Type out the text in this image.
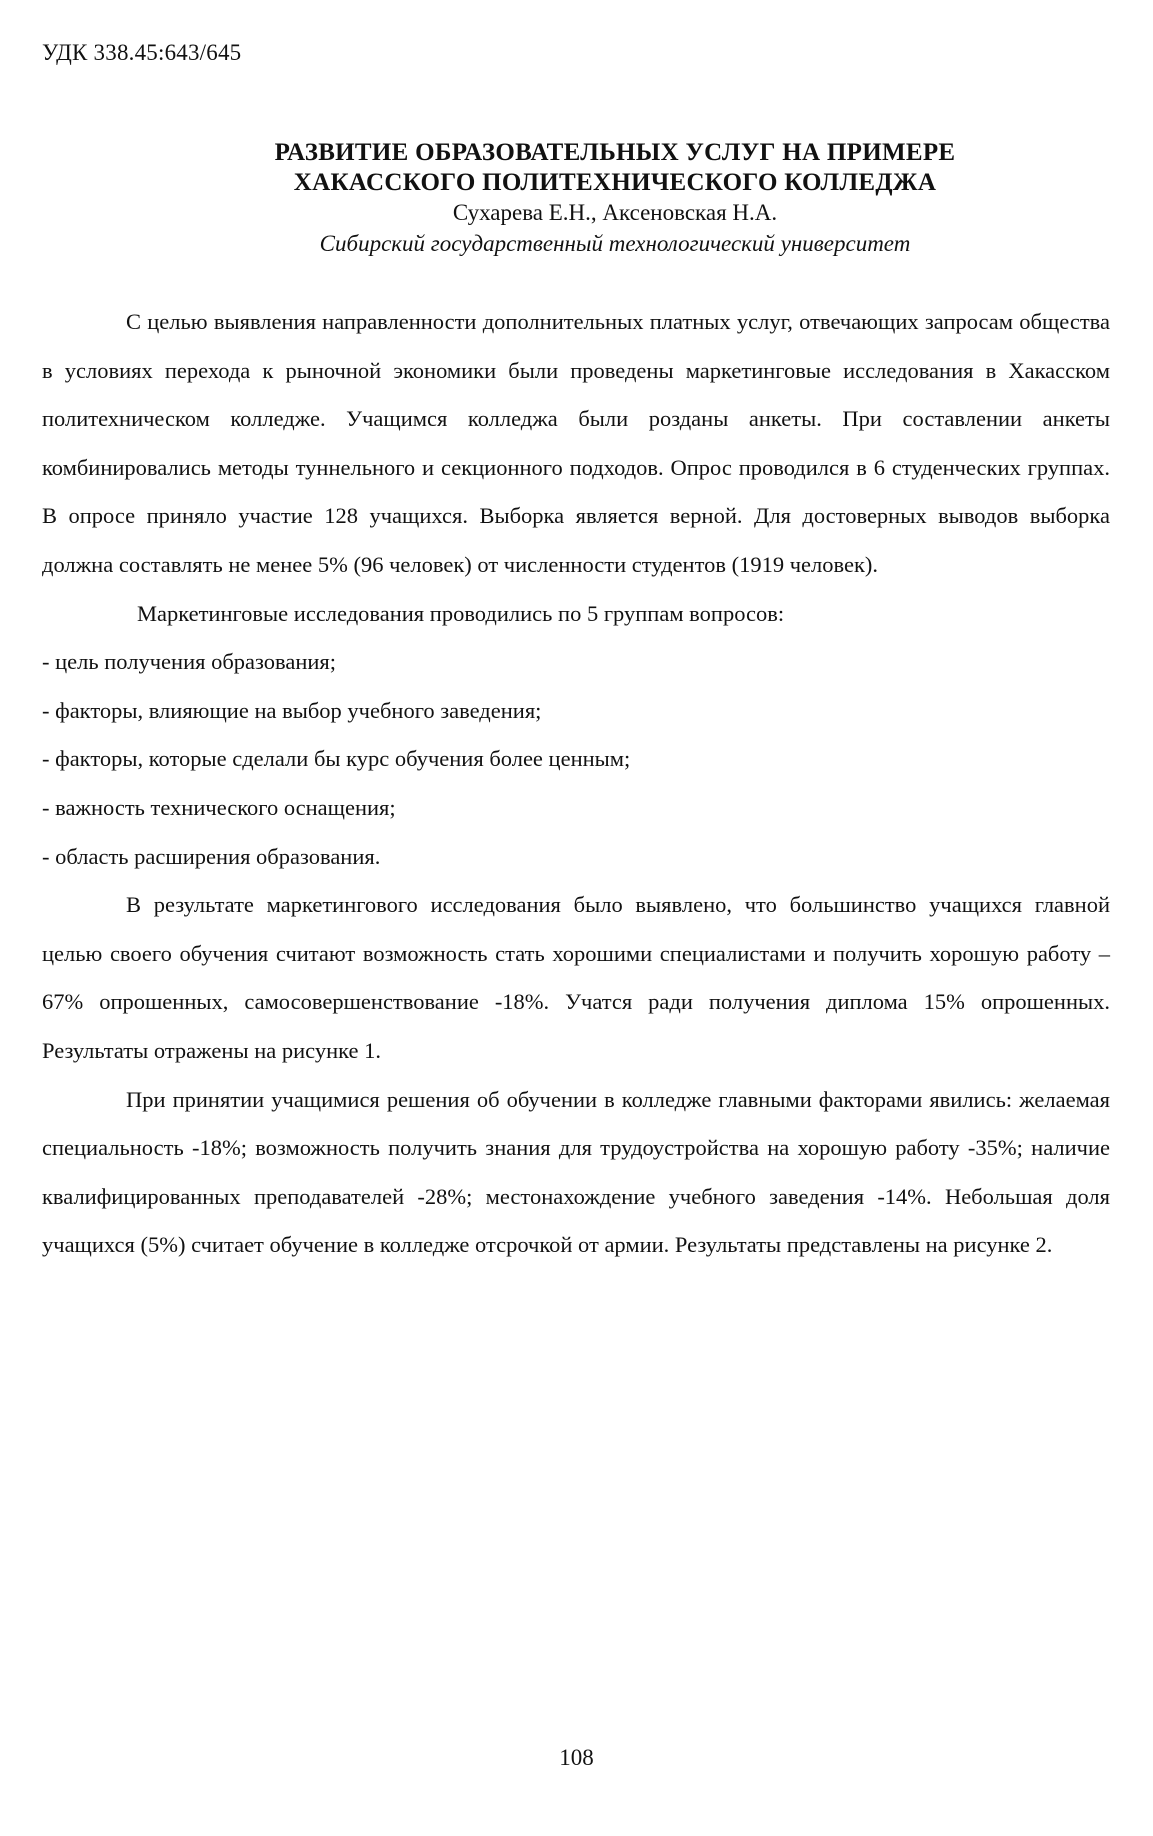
УДК 338.45:643/645
РАЗВИТИЕ ОБРАЗОВАТЕЛЬНЫХ УСЛУГ НА ПРИМЕРЕ
ХАКАССКОГО ПОЛИТЕХНИЧЕСКОГО КОЛЛЕДЖА
Сухарева Е.Н., Аксеновская Н.А.
Сибирский государственный технологический университет

С целью выявления направленности дополнительных платных услуг, отвечающих запросам общества в условиях перехода к рыночной экономики были проведены маркетинговые исследования в Хакасском политехническом колледже. Учащимся колледжа были розданы анкеты. При составлении анкеты комбинировались методы туннельного и секционного подходов. Опрос проводился в 6 студенческих группах. В опросе приняло участие 128 учащихся. Выборка является верной. Для достоверных выводов выборка должна составлять не менее 5% (96 человек) от численности студентов (1919 человек).

Маркетинговые исследования проводились по 5 группам вопросов:

- цель получения образования;

- факторы, влияющие на выбор учебного заведения;

- факторы, которые сделали бы курс обучения более ценным;

- важность технического оснащения;

- область расширения образования.

В результате маркетингового исследования было выявлено, что большинство учащихся главной целью своего обучения считают возможность стать хорошими специалистами и получить хорошую работу – 67% опрошенных, самосовершенствование -18%. Учатся ради получения диплома 15% опрошенных. Результаты отражены на рисунке 1.

При принятии учащимися решения об обучении в колледже главными факторами явились: желаемая специальность -18%; возможность получить знания для трудоустройства на хорошую работу -35%; наличие квалифицированных преподавателей -28%; местонахождение учебного заведения -14%. Небольшая доля учащихся (5%) считает обучение в колледже отсрочкой от армии. Результаты представлены на рисунке 2.

108
